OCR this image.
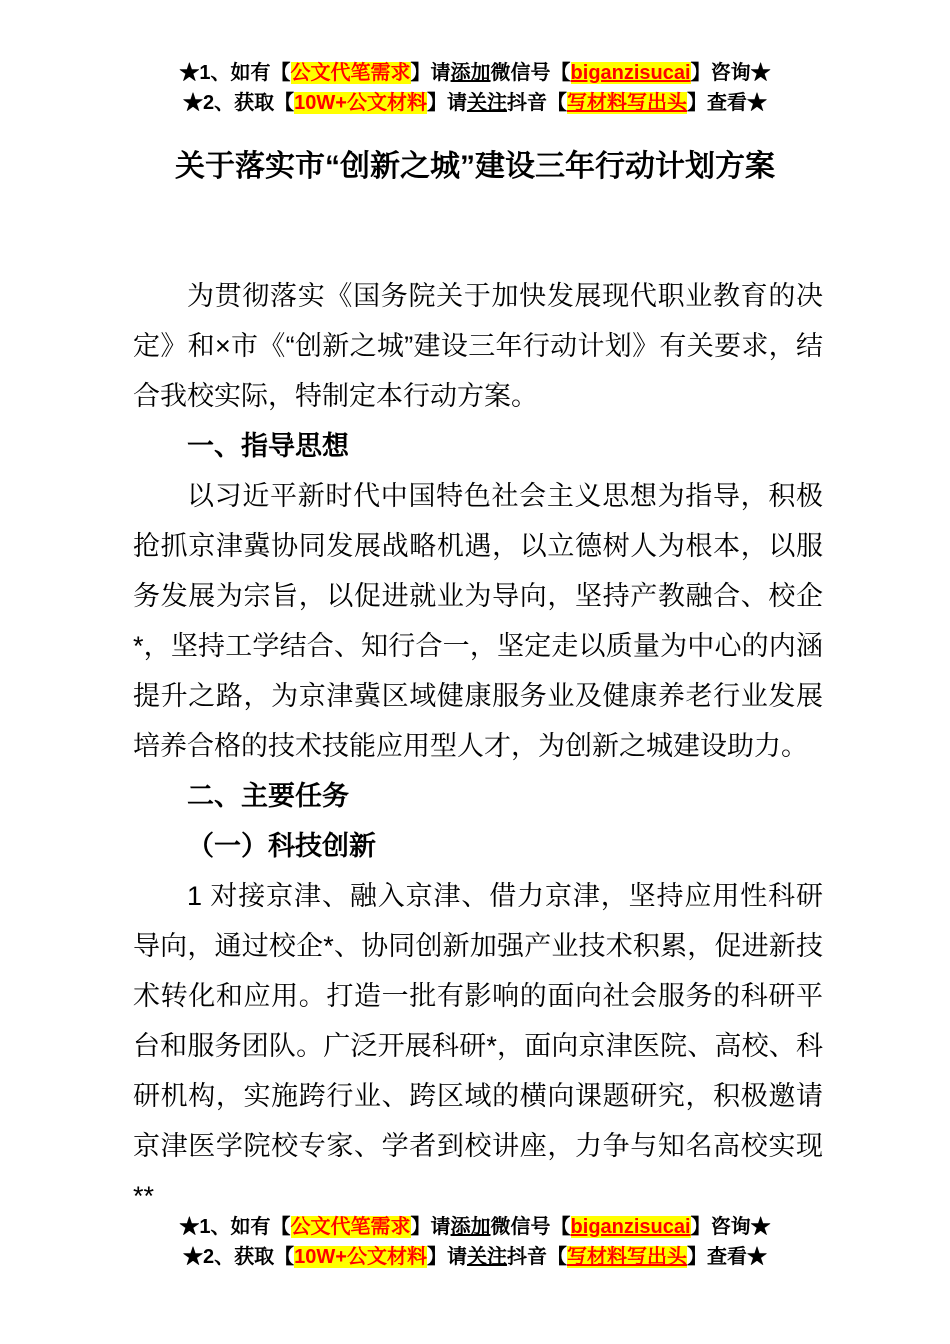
★1、如有【公文代笔需求】请添加微信号【biganzisucai】咨询★
★2、获取【10W+公文材料】请关注抖音【写材料写出头】查看★
关于落实市“创新之城”建设三年行动计划方案

为贯彻落实《国务院关于加快发展现代职业教育的决定》和×市《“创新之城”建设三年行动计划》有关要求，结合我校实际，特制定本行动方案。

一、指导思想

以习近平新时代中国特色社会主义思想为指导，积极抢抓京津冀协同发展战略机遇，以立德树人为根本，以服务发展为宗旨，以促进就业为导向，坚持产教融合、校企*，坚持工学结合、知行合一，坚定走以质量为中心的内涵提升之路，为京津冀区域健康服务业及健康养老行业发展培养合格的技术技能应用型人才，为创新之城建设助力。

二、主要任务

（一）科技创新

1 对接京津、融入京津、借力京津，坚持应用性科研导向，通过校企*、协同创新加强产业技术积累，促进新技术转化和应用。打造一批有影响的面向社会服务的科研平台和服务团队。广泛开展科研*，面向京津医院、高校、科研机构，实施跨行业、跨区域的横向课题研究，积极邀请京津医学院校专家、学者到校讲座，力争与知名高校实现**

★1、如有【公文代笔需求】请添加微信号【biganzisucai】咨询★
★2、获取【10W+公文材料】请关注抖音【写材料写出头】查看★
